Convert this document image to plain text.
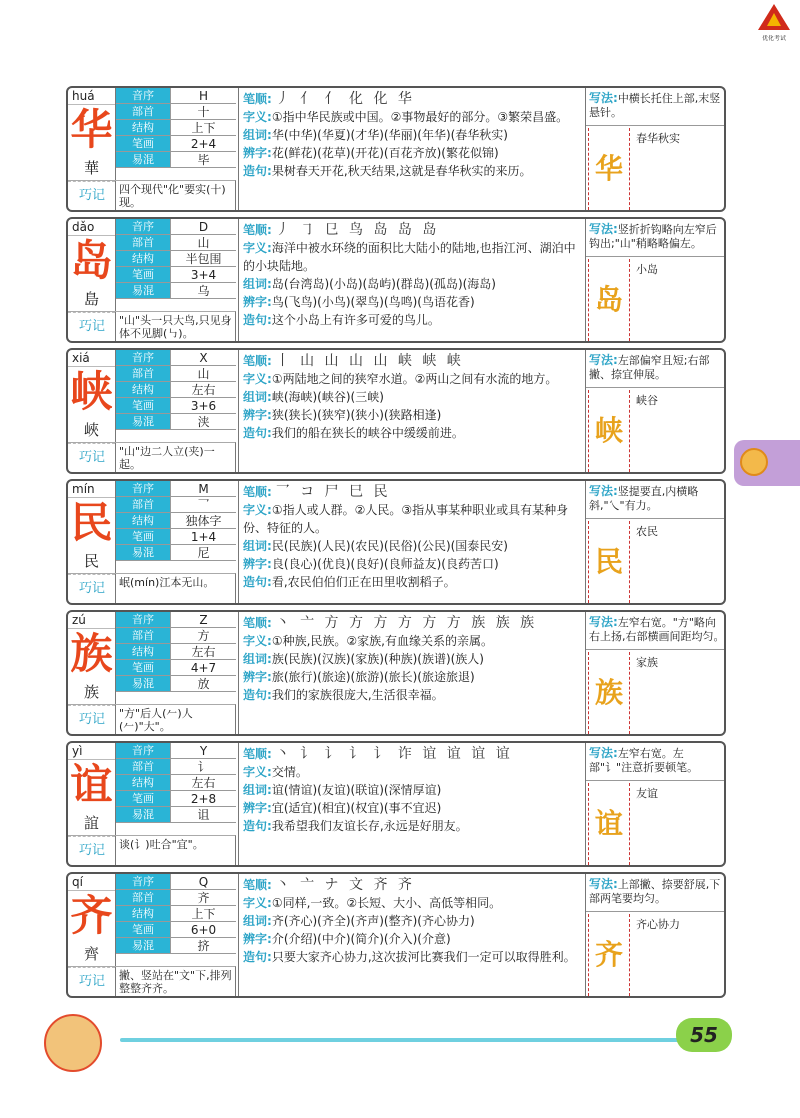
优化考试
huá
华
華
巧记
音序	H
部首	十
结构	上下
笔画	2+4
易混	毕
四个现代"化"要实(十)现。
笔顺: 丿 亻 亻 化 化 华
字义:①指中华民族或中国。②事物最好的部分。③繁荣昌盛。
组词:华(中华)(华夏)(才华)(华丽)(年华)(春华秋实)
辨字:花(鲜花)(花草)(开花)(百花齐放)(繁花似锦)
造句:果树春天开花,秋天结果,这就是春华秋实的来历。
写法:中横长托住上部,末竖悬针。
华
春华秋实
dǎo
岛
島
巧记
音序	D
部首	山
结构	半包围
笔画	3+4
易混	乌
"山"头一只大鸟,只见身体不见脚(㇉)。
笔顺: 丿 ㇆ 㔾 鸟 岛 岛 岛
字义:海洋中被水环绕的面积比大陆小的陆地,也指江河、湖泊中的小块陆地。
组词:岛(台湾岛)(小岛)(岛屿)(群岛)(孤岛)(海岛)
辨字:鸟(飞鸟)(小鸟)(翠鸟)(鸟鸣)(鸟语花香)
造句:这个小岛上有许多可爱的鸟儿。
写法:竖折折钩略向左窄后钩出;"山"稍略略偏左。
岛
小岛
xiá
峡
峽
巧记
音序	X
部首	山
结构	左右
笔画	3+6
易混	浃
"山"边二人立(夹)一起。
笔顺: 丨 山 山 山 山 峡 峡 峡
字义:①两陆地之间的狭窄水道。②两山之间有水流的地方。
组词:峡(海峡)(峡谷)(三峡)
辨字:狭(狭长)(狭窄)(狭小)(狭路相逢)
造句:我们的船在狭长的峡谷中缓缓前进。
写法:左部偏窄且短;右部撇、捺宜伸展。
峡
峡谷
mín
民
民
巧记
音序	M
部首	乛
结构	独体字
笔画	1+4
易混	尼
岷(mín)江本无山。
笔顺: 乛 コ 尸 巳 民
字义:①指人或人群。②人民。③指从事某种职业或具有某种身份、特征的人。
组词:民(民族)(人民)(农民)(民俗)(公民)(国泰民安)
辨字:良(良心)(优良)(良好)(良师益友)(良药苦口)
造句:看,农民伯伯们正在田里收割稻子。
写法:竖提要直,内横略斜,"乀"有力。
民
农民
zú
族
族
巧记
音序	Z
部首	方
结构	左右
笔画	4+7
易混	放
"方"后人(𠂉)人(𠂉)"大"。
笔顺: 丶 亠 方 方 方 方 方 方 族 族 族
字义:①种族,民族。②家族,有血缘关系的亲属。
组词:族(民族)(汉族)(家族)(种族)(族谱)(族人)
辨字:旅(旅行)(旅途)(旅游)(旅长)(旅途旅退)
造句:我们的家族很庞大,生活很幸福。
写法:左窄右宽。"方"略向右上扬,右部横画间距均匀。
族
家族
yì
谊
誼
巧记
音序	Y
部首	讠
结构	左右
笔画	2+8
易混	诅
谈(讠)吐合"宜"。
笔顺: 丶 讠 讠 讠 讠 诈 谊 谊 谊 谊
字义:交情。
组词:谊(情谊)(友谊)(联谊)(深情厚谊)
辨字:宜(适宜)(相宜)(权宜)(事不宜迟)
造句:我希望我们友谊长存,永远是好朋友。
写法:左窄右宽。左部"讠"注意折要顿笔。
谊
友谊
qí
齐
齊
巧记
音序	Q
部首	齐
结构	上下
笔画	6+0
易混	挤
撇、竖站在"文"下,排列整整齐齐。
笔顺: 丶 亠 ナ 文 齐 齐
字义:①同样,一致。②长短、大小、高低等相同。
组词:齐(齐心)(齐全)(齐声)(整齐)(齐心协力)
辨字:介(介绍)(中介)(简介)(介入)(介意)
造句:只要大家齐心协力,这次拔河比赛我们一定可以取得胜利。
写法:上部撇、捺要舒展,下部两笔要均匀。
齐
齐心协力
55
